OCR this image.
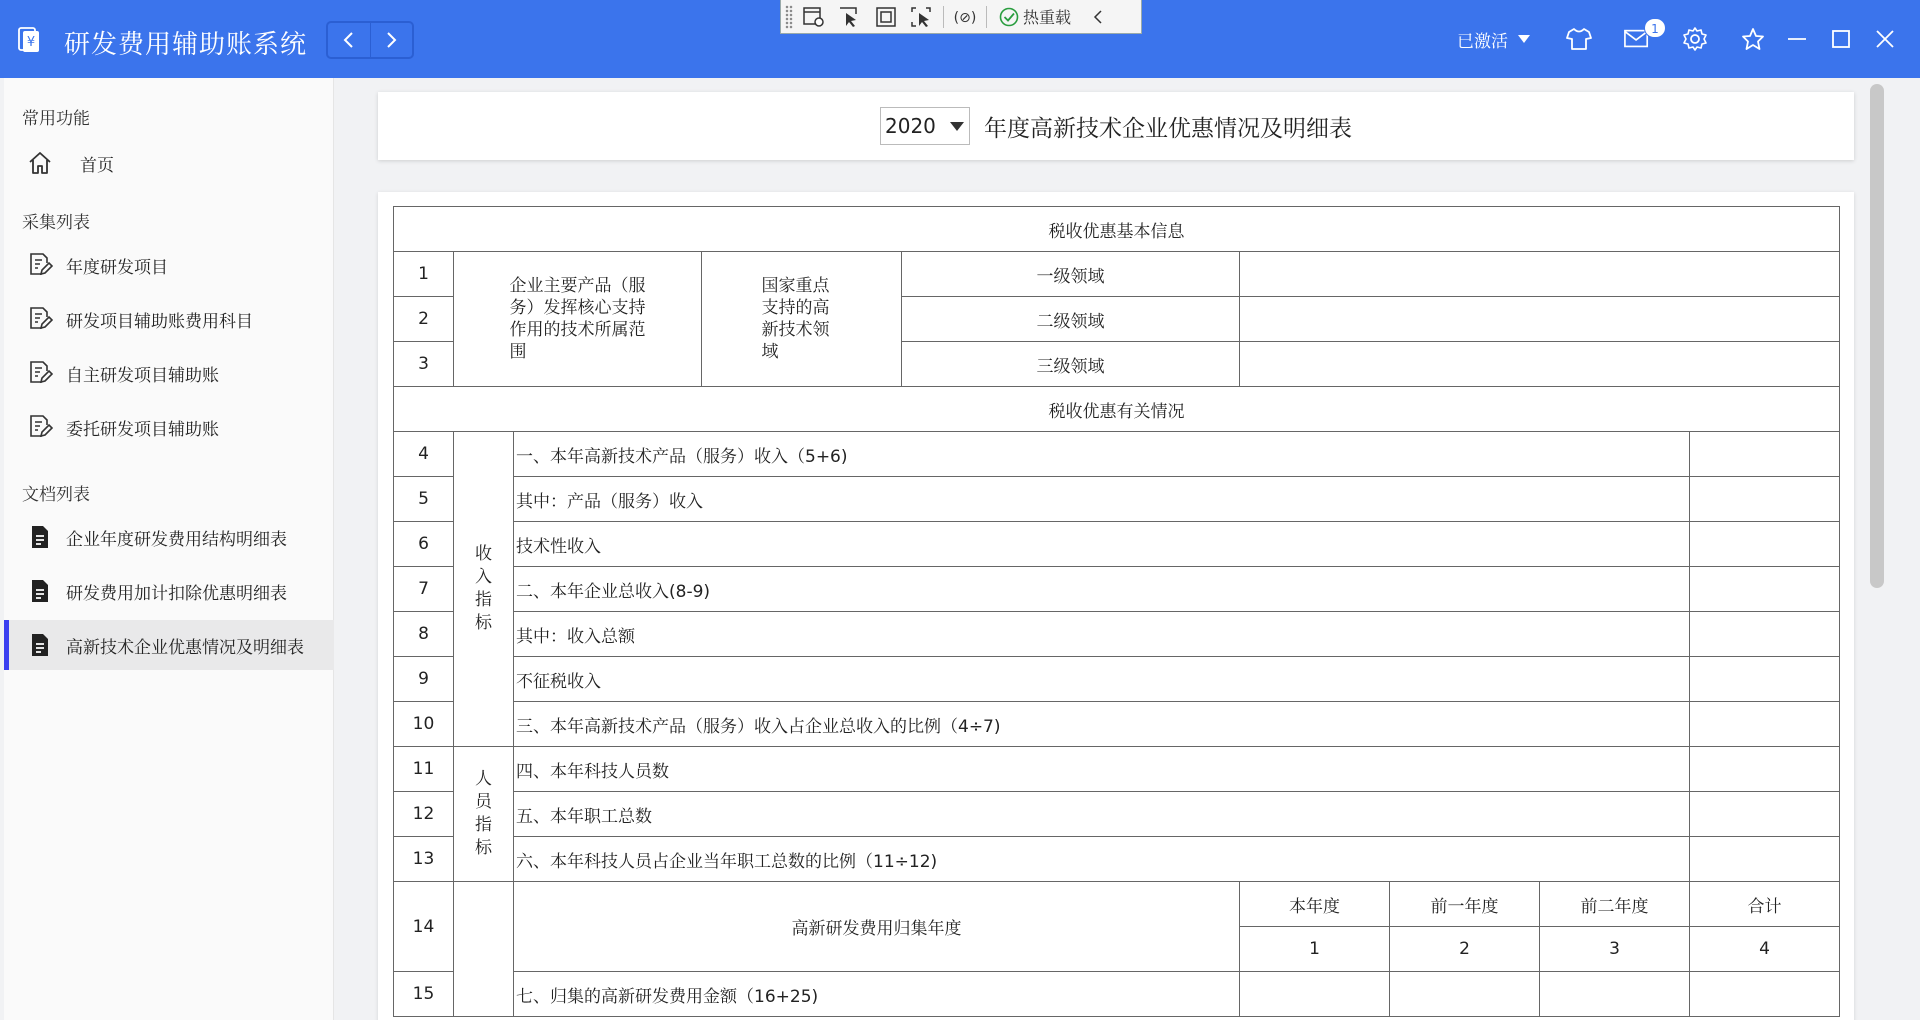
¥ 研发费用辅助账系统	已激活
1
(⊘)	热重载
常用功能
首页
采集列表
年度研发项目
研发项目辅助账费用科目
自主研发项目辅助账
委托研发项目辅助账
文档列表
企业年度研发费用结构明细表
研发费用加计扣除优惠明细表
高新技术企业优惠情况及明细表
2020 年度高新技术企业优惠情况及明细表
税收优惠基本信息								
1	企业主要产品（服务）发挥核心支持作用的技术所属范围		国家重点支持的高新技术领域	一级领域				
2				二级领域				
3				三级领域				
税收优惠有关情况								
4	收入指标	一、本年高新技术产品（服务）收入（5+6)						
5		其中：产品（服务）收入						
6		技术性收入						
7		二、本年企业总收入(8-9)						
8		其中：收入总额						
9		不征税收入						
10		三、本年高新技术产品（服务）收入占企业总收入的比例（4÷7)						
11	人员指标	四、本年科技人员数						
12		五、本年职工总数						
13		六、本年科技人员占企业当年职工总数的比例（11÷12)						
14		高新研发费用归集年度			本年度	前一年度	前二年度	合计
					1	2	3	4
15		七、归集的高新研发费用金额（16+25)						
